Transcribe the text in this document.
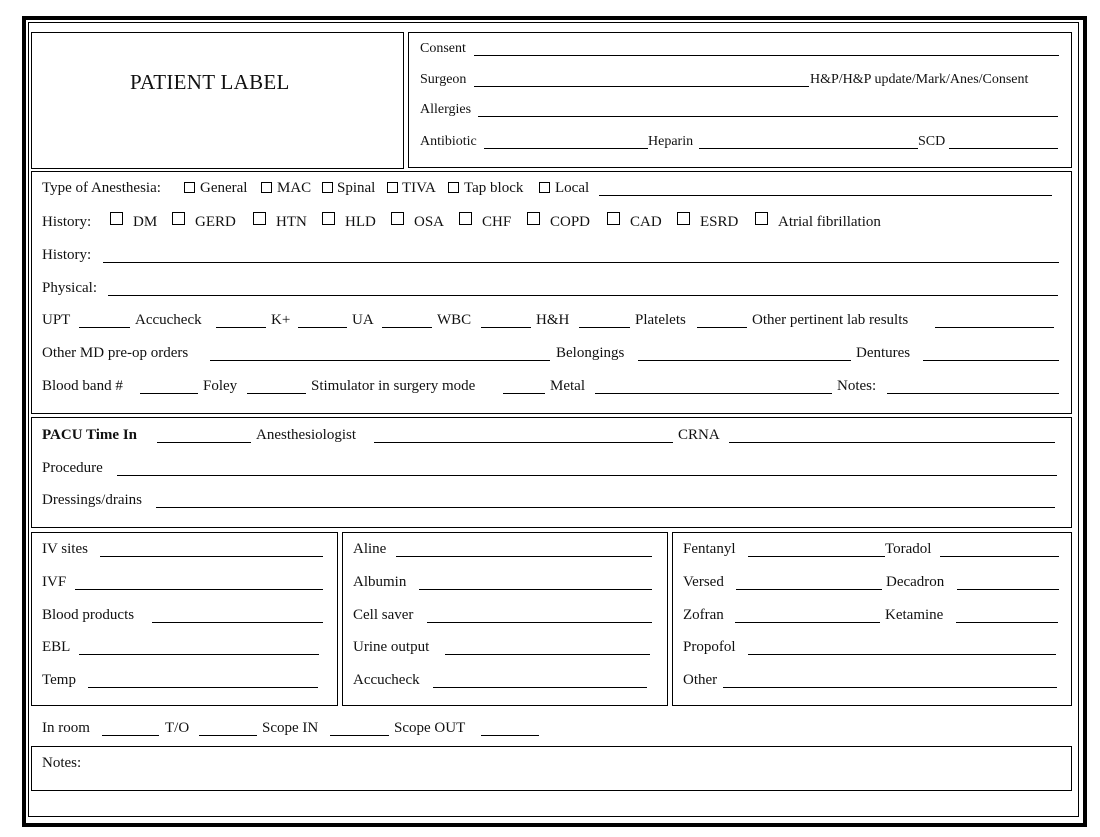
PATIENT LABEL
Consent
Surgeon	H&P/H&P update/Mark/Anes/Consent
Allergies
Antibiotic	Heparin	SCD
Type of Anesthesia:	General MAC Spinal TIVA Tap block Local
History:	DM	GERD	HTN	HLD	OSA	CHF	COPD	CAD	ESRD	Atrial fibrillation
History:
Physical:
UPT	Accucheck	K+	UA	WBC	H&H	Platelets	Other pertinent lab results
Other MD pre-op orders	Belongings	Dentures
Blood band #	Foley	Stimulator in surgery mode	Metal	Notes:
PACU Time In	Anesthesiologist	CRNA
Procedure
Dressings/drains
IV sites
IVF
Blood products
EBL
Temp
Aline
Albumin
Cell saver
Urine output
Accucheck
Fentanyl	Toradol
Versed	Decadron
Zofran	Ketamine
Propofol
Other
In room	T/O	Scope IN	Scope OUT
Notes:
